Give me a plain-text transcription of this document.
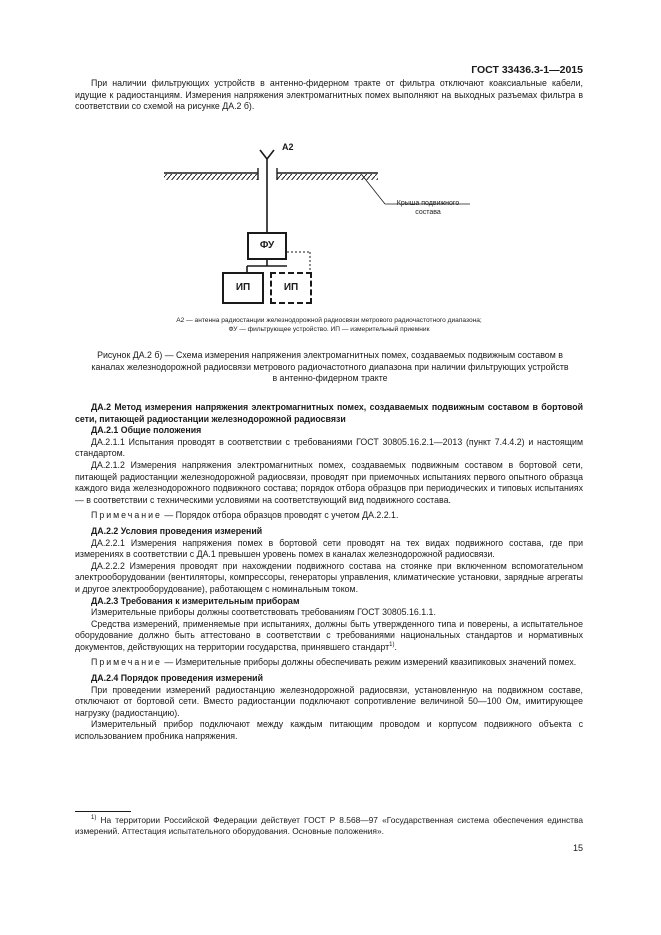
ГОСТ 33436.3-1—2015

При наличии фильтрующих устройств в антенно-фидерном тракте от фильтра отключают коаксиальные кабели, идущие к радиостанциям. Измерения напряжения электромагнитных помех выполняют на выходных разъемах фильтра в соответствии со схемой на рисунке ДА.2 б).

А2
Крыша подвижного
состава
ФУ
ИП	ИП
А2 — антенна радиостанции железнодорожной радиосвязи метрового радиочастотного диапазона;
ФУ — фильтрующее устройство. ИП — измерительный приемник
Рисунок ДА.2 б) — Схема измерения напряжения электромагнитных помех, создаваемых подвижным составом в каналах железнодорожной радиосвязи метрового радиочастотного диапазона при наличии фильтрующих устройств в антенно-фидерном тракте

ДА.2 Метод измерения напряжения электромагнитных помех, создаваемых подвижным составом в бортовой сети, питающей радиостанции железнодорожной радиосвязи

ДА.2.1 Общие положения

ДА.2.1.1 Испытания проводят в соответствии с требованиями ГОСТ 30805.16.2.1—2013 (пункт 7.4.4.2) и настоящим стандартом.

ДА.2.1.2 Измерения напряжения электромагнитных помех, создаваемых подвижным составом в бортовой сети, питающей радиостанции железнодорожной радиосвязи, проводят при приемочных испытаниях первого опытного образца каждого вида железнодорожного подвижного состава; порядок отбора образцов при периодических и типовых испытаниях — в соответствии с техническими условиями на соответствующий вид подвижного состава.

Примечание — Порядок отбора образцов проводят с учетом ДА.2.2.1.

ДА.2.2 Условия проведения измерений

ДА.2.2.1 Измерения напряжения помех в бортовой сети проводят на тех видах подвижного состава, где при измерениях в соответствии с ДА.1 превышен уровень помех в каналах железнодорожной радиосвязи.

ДА.2.2.2 Измерения проводят при нахождении подвижного состава на стоянке при включенном вспомогательном электрооборудовании (вентиляторы, компрессоры, генераторы управления, климатические установки, зарядные агрегаты и другое электрооборудование), работающем с номинальным током.

ДА.2.3 Требования к измерительным приборам

Измерительные приборы должны соответствовать требованиям ГОСТ 30805.16.1.1.

Средства измерений, применяемые при испытаниях, должны быть утвержденного типа и поверены, а испытательное оборудование должно быть аттестовано в соответствии с требованиями национальных стандартов и нормативных документов, действующих на территории государства, принявшего стандарт$^{1)}$.

Примечание — Измерительные приборы должны обеспечивать режим измерений квазипиковых значений помех.

ДА.2.4 Порядок проведения измерений

При проведении измерений радиостанцию железнодорожной радиосвязи, установленную на подвижном составе, отключают от бортовой сети. Вместо радиостанции подключают сопротивление величиной 50—100 Ом, имитирующее нагрузку (радиостанцию).

Измерительный прибор подключают между каждым питающим проводом и корпусом подвижного объекта с использованием пробника напряжения.

$^{1)}$ На территории Российской Федерации действует ГОСТ Р 8.568—97 «Государственная система обеспечения единства измерений. Аттестация испытательного оборудования. Основные положения».

15
